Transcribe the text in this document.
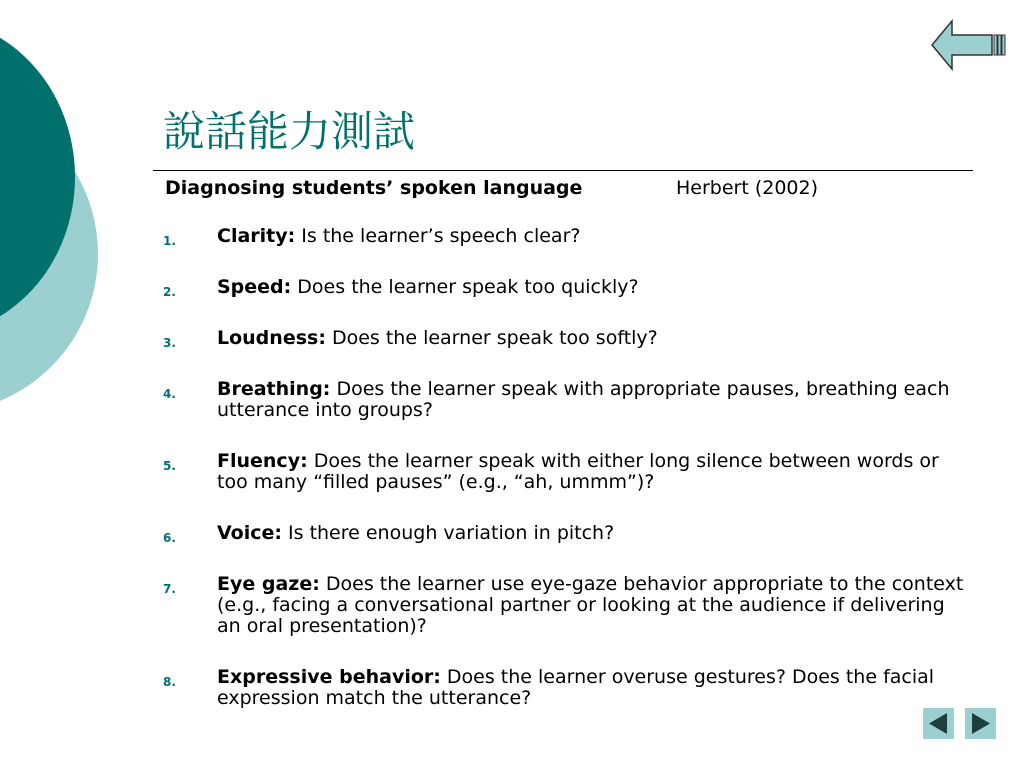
說話能力測試
Diagnosing students’ spoken language	Herbert (2002)
1. Clarity: Is the learner’s speech clear?
2. Speed: Does the learner speak too quickly?
3. Loudness: Does the learner speak too softly?
4. Breathing: Does the learner speak with appropriate pauses, breathing each utterance into groups?
5. Fluency: Does the learner speak with either long silence between words or too many “filled pauses” (e.g., “ah, ummm”)?
6. Voice: Is there enough variation in pitch?
7. Eye gaze: Does the learner use eye-gaze behavior appropriate to the context (e.g., facing a conversational partner or looking at the audience if delivering an oral presentation)?
8. Expressive behavior: Does the learner overuse gestures? Does the facial expression match the utterance?
